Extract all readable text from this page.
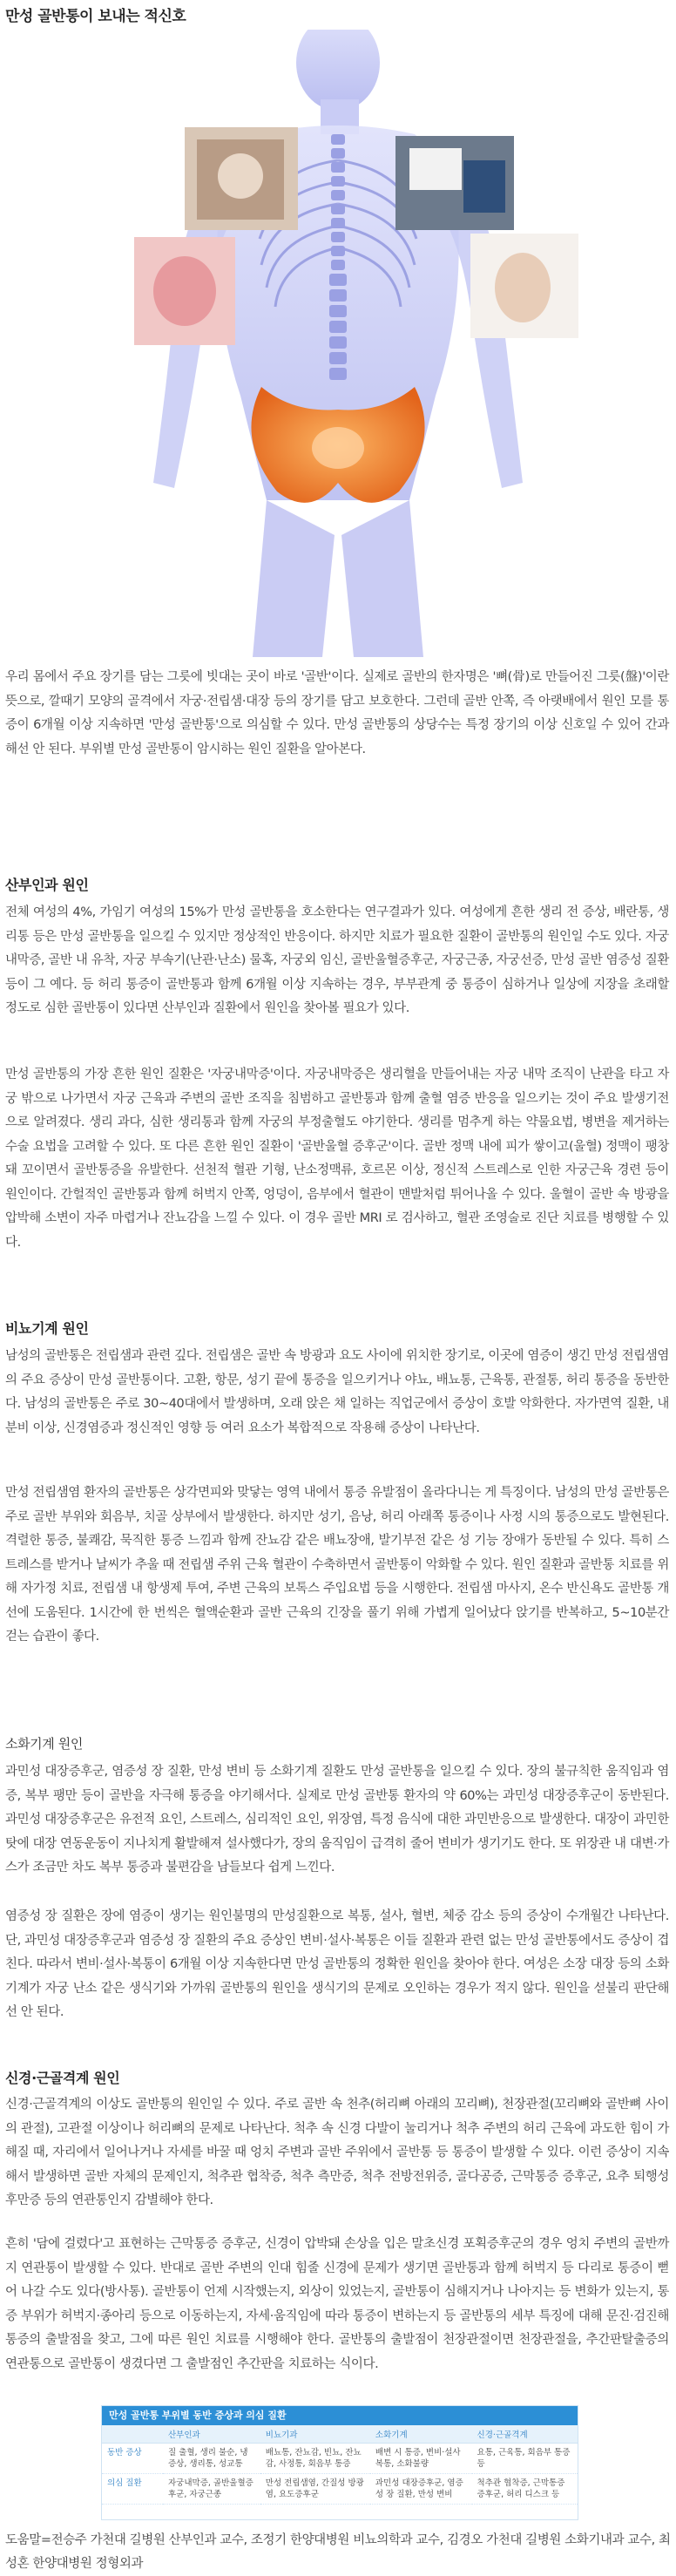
만성 골반통이 보내는 적신호

우리 몸에서 주요 장기를 담는 그릇에 빗대는 곳이 바로 '골반'이다. 실제로 골반의 한자명은 '뼈(骨)로 만들어진 그릇(盤)'이란 뜻으로, 깔때기 모양의 골격에서 자궁·전립샘·대장 등의 장기를 담고 보호한다. 그런데 골반 안쪽, 즉 아랫배에서 원인 모를 통증이 6개월 이상 지속하면 '만성 골반통'으로 의심할 수 있다. 만성 골반통의 상당수는 특정 장기의 이상 신호일 수 있어 간과해선 안 된다. 부위별 만성 골반통이 암시하는 원인 질환을 알아본다.

산부인과 원인

전체 여성의 4%, 가임기 여성의 15%가 만성 골반통을 호소한다는 연구결과가 있다. 여성에게 흔한 생리 전 증상, 배란통, 생리통 등은 만성 골반통을 일으킬 수 있지만 정상적인 반응이다. 하지만 치료가 필요한 질환이 골반통의 원인일 수도 있다. 자궁내막증, 골반 내 유착, 자궁 부속기(난관·난소) 물혹, 자궁외 임신, 골반울혈증후군, 자궁근종, 자궁선증, 만성 골반 염증성 질환 등이 그 예다. 등 허리 통증이 골반통과 함께 6개월 이상 지속하는 경우, 부부관계 중 통증이 심하거나 일상에 지장을 초래할 정도로 심한 골반통이 있다면 산부인과 질환에서 원인을 찾아볼 필요가 있다.

만성 골반통의 가장 흔한 원인 질환은 '자궁내막증'이다. 자궁내막증은 생리혈을 만들어내는 자궁 내막 조직이 난관을 타고 자궁 밖으로 나가면서 자궁 근육과 주변의 골반 조직을 침범하고 골반통과 함께 출혈 염증 반응을 일으키는 것이 주요 발생기전으로 알려졌다. 생리 과다, 심한 생리통과 함께 자궁의 부정출혈도 야기한다. 생리를 멈추게 하는 약물요법, 병변을 제거하는 수술 요법을 고려할 수 있다. 또 다른 흔한 원인 질환이 '골반울혈 증후군'이다. 골반 정맥 내에 피가 쌓이고(울혈) 정맥이 팽창돼 꼬이면서 골반통증을 유발한다. 선천적 혈관 기형, 난소정맥류, 호르몬 이상, 정신적 스트레스로 인한 자궁근육 경련 등이 원인이다. 간헐적인 골반통과 함께 허벅지 안쪽, 엉덩이, 음부에서 혈관이 맨발처럼 튀어나올 수 있다. 울혈이 골반 속 방광을 압박해 소변이 자주 마렵거나 잔뇨감을 느낄 수 있다. 이 경우 골반 MRI 로 검사하고, 혈관 조영술로 진단 치료를 병행할 수 있다.

비뇨기계 원인

남성의 골반통은 전립샘과 관련 깊다. 전립샘은 골반 속 방광과 요도 사이에 위치한 장기로, 이곳에 염증이 생긴 만성 전립샘염의 주요 증상이 만성 골반통이다. 고환, 항문, 성기 끝에 통증을 일으키거나 야뇨, 배뇨통, 근육통, 관절통, 허리 통증을 동반한다. 남성의 골반통은 주로 30~40대에서 발생하며, 오래 앉은 채 일하는 직업군에서 증상이 호발 악화한다. 자가면역 질환, 내분비 이상, 신경염증과 정신적인 영향 등 여러 요소가 복합적으로 작용해 증상이 나타난다.

만성 전립샘염 환자의 골반통은 상각면피와 맞닿는 영역 내에서 통증 유발점이 올라다니는 게 특징이다. 남성의 만성 골반통은 주로 골반 부위와 회음부, 치골 상부에서 발생한다. 하지만 성기, 음낭, 허리 아래쪽 통증이나 사정 시의 통증으로도 발현된다. 격렬한 통증, 불쾌감, 묵직한 통증 느낌과 함께 잔뇨감 같은 배뇨장애, 발기부전 같은 성 기능 장애가 동반될 수 있다. 특히 스트레스를 받거나 날씨가 추울 때 전립샘 주위 근육 혈관이 수축하면서 골반통이 악화할 수 있다. 원인 질환과 골반통 치료를 위해 자가정 치료, 전립샘 내 항생제 투여, 주변 근육의 보톡스 주입요법 등을 시행한다. 전립샘 마사지, 온수 반신욕도 골반통 개선에 도움된다. 1시간에 한 번씩은 혈액순환과 골반 근육의 긴장을 풀기 위해 가볍게 일어났다 앉기를 반복하고, 5~10분간 걷는 습관이 좋다.

소화기계 원인

과민성 대장증후군, 염증성 장 질환, 만성 변비 등 소화기계 질환도 만성 골반통을 일으킬 수 있다. 장의 불규칙한 움직임과 염증, 복부 팽만 등이 골반을 자극해 통증을 야기해서다. 실제로 만성 골반통 환자의 약 60%는 과민성 대장증후군이 동반된다. 과민성 대장증후군은 유전적 요인, 스트레스, 심리적인 요인, 위장염, 특정 음식에 대한 과민반응으로 발생한다. 대장이 과민한 탓에 대장 연동운동이 지나치게 활발해져 설사했다가, 장의 움직임이 급격히 줄어 변비가 생기기도 한다. 또 위장관 내 대변·가스가 조금만 차도 복부 통증과 불편감을 남들보다 쉽게 느낀다.

염증성 장 질환은 장에 염증이 생기는 원인불명의 만성질환으로 복통, 설사, 혈변, 체중 감소 등의 증상이 수개월간 나타난다. 단, 과민성 대장증후군과 염증성 장 질환의 주요 증상인 변비·설사·복통은 이들 질환과 관련 없는 만성 골반통에서도 증상이 겹친다. 따라서 변비·설사·복통이 6개월 이상 지속한다면 만성 골반통의 정확한 원인을 찾아야 한다. 여성은 소장 대장 등의 소화기계가 자궁 난소 같은 생식기와 가까워 골반통의 원인을 생식기의 문제로 오인하는 경우가 적지 않다. 원인을 섣불리 판단해선 안 된다.

신경·근골격계 원인

신경·근골격계의 이상도 골반통의 원인일 수 있다. 주로 골반 속 천추(허리뼈 아래의 꼬리뼈), 천장관절(꼬리뼈와 골반뼈 사이의 관절), 고관절 이상이나 허리뼈의 문제로 나타난다. 척추 속 신경 다발이 눌리거나 척추 주변의 허리 근육에 과도한 힘이 가해질 때, 자리에서 일어나거나 자세를 바꿀 때 엉치 주변과 골반 주위에서 골반통 등 통증이 발생할 수 있다. 이런 증상이 지속해서 발생하면 골반 자체의 문제인지, 척추관 협착증, 척추 측만증, 척추 전방전위증, 골다공증, 근막통증 증후군, 요추 퇴행성 후만증 등의 연관통인지 감별해야 한다.

흔히 '담에 걸렸다'고 표현하는 근막통증 증후군, 신경이 압박돼 손상을 입은 말초신경 포획증후군의 경우 엉치 주변의 골반까지 연관통이 발생할 수 있다. 반대로 골반 주변의 인대 힘줄 신경에 문제가 생기면 골반통과 함께 허벅지 등 다리로 통증이 뻗어 나갈 수도 있다(방사통). 골반통이 언제 시작했는지, 외상이 있었는지, 골반통이 심해지거나 나아지는 등 변화가 있는지, 통증 부위가 허벅지·종아리 등으로 이동하는지, 자세·움직임에 따라 통증이 변하는지 등 골반통의 세부 특징에 대해 문진·검진해 통증의 출발점을 찾고, 그에 따른 원인 치료를 시행해야 한다. 골반통의 출발점이 천장관절이면 천장관절을, 추간판탈출증의 연관통으로 골반통이 생겼다면 그 출발점인 추간판을 치료하는 식이다.

만성 골반통 부위별 동반 증상과 의심 질환
	산부인과	비뇨기과	소화기계	신경·근골격계
동반 증상	질 출혈, 생리 불순, 냉 증상, 생리통, 성교통	배뇨통, 잔뇨감, 빈뇨, 잔뇨감, 사정통, 회음부 통증	배변 시 통증, 변비·설사 복통, 소화불량	요통, 근육통, 회음부 통증 등
의심 질환	자궁내막증, 골반울혈증후군, 자궁근종	만성 전립샘염, 간질성 방광염, 요도증후군	과민성 대장증후군, 염증성 장 질환, 만성 변비	척추관 협착증, 근막통증 증후군, 허리 디스크 등

도움말=전승주 가천대 길병원 산부인과 교수, 조정기 한양대병원 비뇨의학과 교수, 김경오 가천대 길병원 소화기내과 교수, 최성혼 한양대병원 정형외과
